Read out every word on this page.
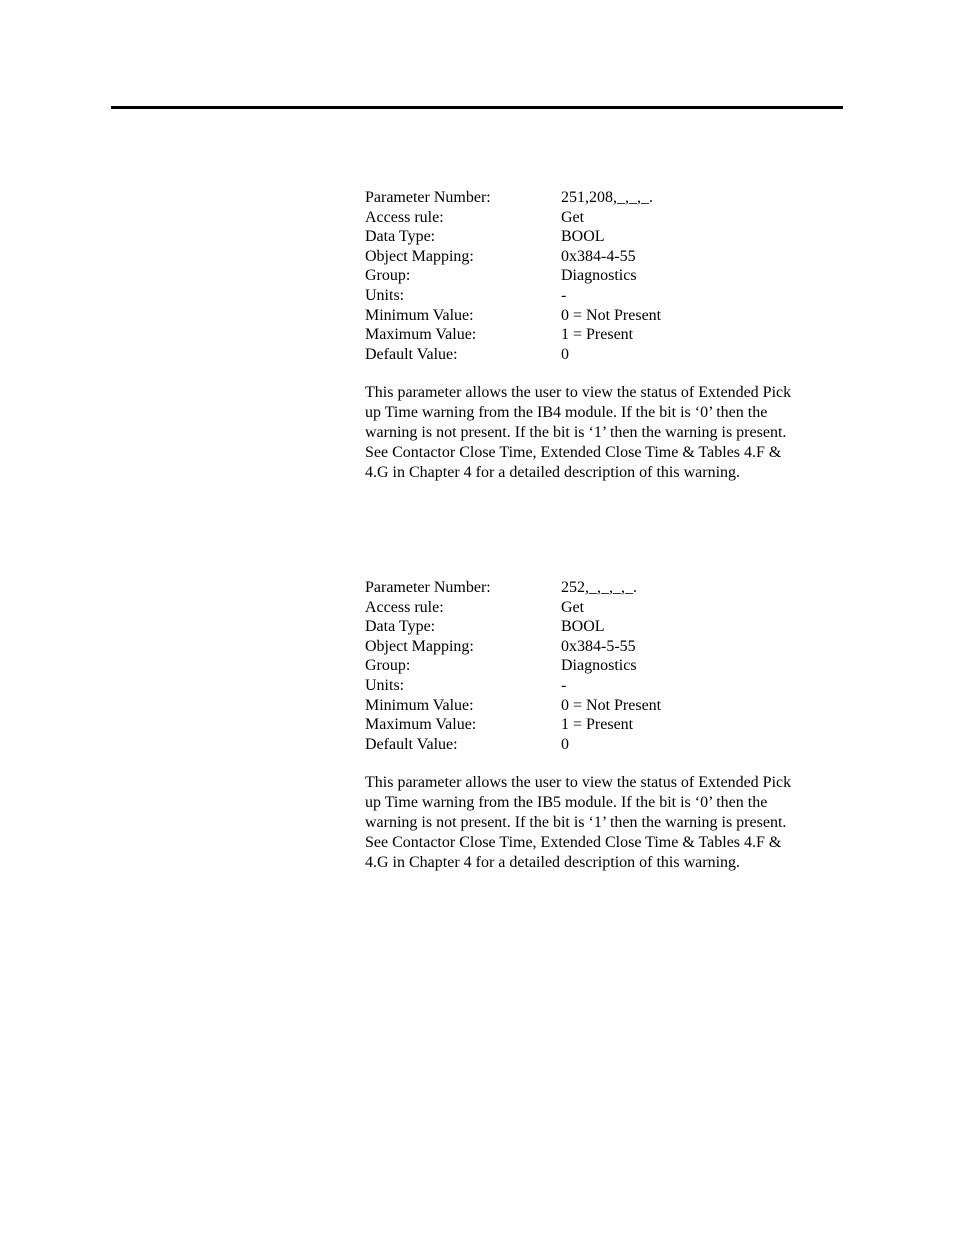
Parameter Number:	251,208,_,_,_.
Access rule:	Get
Data Type:	BOOL
Object Mapping:	0x384-4-55
Group:	Diagnostics
Units:	-
Minimum Value:	0 = Not Present
Maximum Value:	1 = Present
Default Value:	0
This parameter allows the user to view the status of Extended Pick
up Time warning from the IB4 module. If the bit is ‘0’ then the
warning is not present. If the bit is ‘1’ then the warning is present.
See Contactor Close Time, Extended Close Time & Tables 4.F &
4.G in Chapter 4 for a detailed description of this warning.
Parameter Number:	252,_,_,_,_.
Access rule:	Get
Data Type:	BOOL
Object Mapping:	0x384-5-55
Group:	Diagnostics
Units:	-
Minimum Value:	0 = Not Present
Maximum Value:	1 = Present
Default Value:	0
This parameter allows the user to view the status of Extended Pick
up Time warning from the IB5 module. If the bit is ‘0’ then the
warning is not present. If the bit is ‘1’ then the warning is present.
See Contactor Close Time, Extended Close Time & Tables 4.F &
4.G in Chapter 4 for a detailed description of this warning.
